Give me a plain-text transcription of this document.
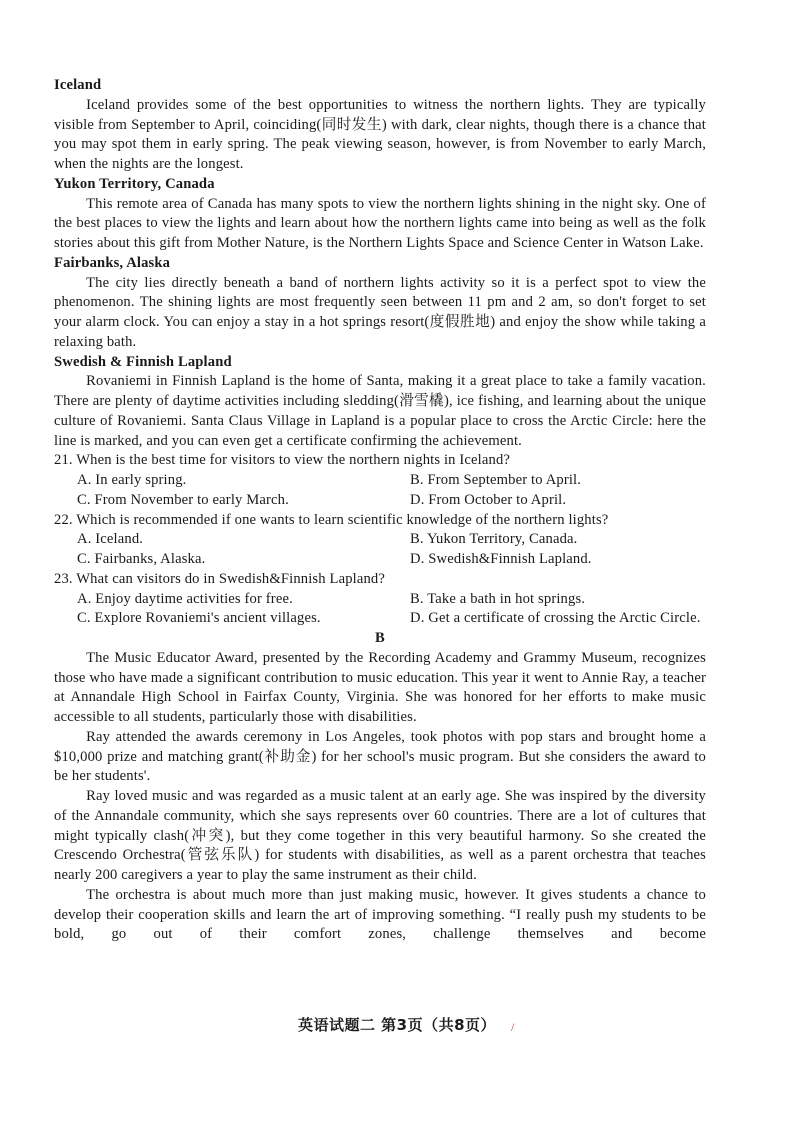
Iceland

Iceland provides some of the best opportunities to witness the northern lights. They are typically visible from September to April, coinciding(同时发生) with dark, clear nights, though there is a chance that you may spot them in early spring. The peak viewing season, however, is from November to early March, when the nights are the longest.

Yukon Territory, Canada

This remote area of Canada has many spots to view the northern lights shining in the night sky. One of the best places to view the lights and learn about how the northern lights came into being as well as the folk stories about this gift from Mother Nature, is the Northern Lights Space and Science Center in Watson Lake.

Fairbanks, Alaska

The city lies directly beneath a band of northern lights activity so it is a perfect spot to view the phenomenon. The shining lights are most frequently seen between 11 pm and 2 am, so don't forget to set your alarm clock. You can enjoy a stay in a hot springs resort(度假胜地) and enjoy the show while taking a relaxing bath.

Swedish & Finnish Lapland

Rovaniemi in Finnish Lapland is the home of Santa, making it a great place to take a family vacation. There are plenty of daytime activities including sledding(滑雪橇), ice fishing, and learning about the unique culture of Rovaniemi. Santa Claus Village in Lapland is a popular place to cross the Arctic Circle: here the line is marked, and you can even get a certificate confirming the achievement.

21. When is the best time for visitors to view the northern nights in Iceland?

A. In early spring.	B. From September to April.
C. From November to early March.	D. From October to April.

22. Which is recommended if one wants to learn scientific knowledge of the northern lights?

A. Iceland.	B. Yukon Territory, Canada.
C. Fairbanks, Alaska.	D. Swedish&Finnish Lapland.

23. What can visitors do in Swedish&Finnish Lapland?

A. Enjoy daytime activities for free.	B. Take a bath in hot springs.
C. Explore Rovaniemi's ancient villages.	D. Get a certificate of crossing the Arctic Circle.
B

The Music Educator Award, presented by the Recording Academy and Grammy Museum, recognizes those who have made a significant contribution to music education. This year it went to Annie Ray, a teacher at Annandale High School in Fairfax County, Virginia. She was honored for her efforts to make music accessible to all students, particularly those with disabilities.

Ray attended the awards ceremony in Los Angeles, took photos with pop stars and brought home a $10,000 prize and matching grant(补助金) for her school's music program. But she considers the award to be her students'.

Ray loved music and was regarded as a music talent at an early age. She was inspired by the diversity of the Annandale community, which she says represents over 60 countries. There are a lot of cultures that might typically clash(冲突), but they come together in this very beautiful harmony. So she created the Crescendo Orchestra(管弦乐队) for students with disabilities, as well as a parent orchestra that teaches nearly 200 caregivers a year to play the same instrument as their child.

The orchestra is about much more than just making music, however. It gives students a chance to develop their cooperation skills and learn the art of improving something. “I really push my students to be bold, go out of their comfort zones, challenge themselves and become

英语试题二 第3页（共8页）	/
